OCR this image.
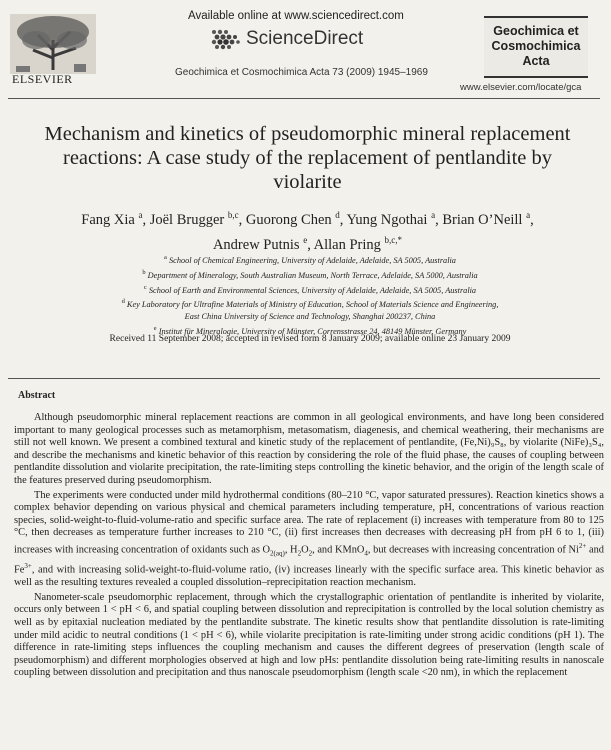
ELSEVIER
Available online at www.sciencedirect.com
ScienceDirect
Geochimica et Cosmochimica Acta 73 (2009) 1945–1969
Geochimica et
Cosmochimica
Acta
www.elsevier.com/locate/gca
Mechanism and kinetics of pseudomorphic mineral replacement reactions: A case study of the replacement of pentlandite by violarite
Fang Xia $^a$, Joël Brugger $^{b,c}$, Guorong Chen $^d$, Yung Ngothai $^a$, Brian O’Neill $^a$,
Andrew Putnis $^e$, Allan Pring $^{b,c,*}$
$^a$ School of Chemical Engineering, University of Adelaide, Adelaide, SA 5005, Australia
$^b$ Department of Mineralogy, South Australian Museum, North Terrace, Adelaide, SA 5000, Australia
$^c$ School of Earth and Environmental Sciences, University of Adelaide, Adelaide, SA 5005, Australia
$^d$ Key Laboratory for Ultrafine Materials of Ministry of Education, School of Materials Science and Engineering,
East China University of Science and Technology, Shanghai 200237, China
$^e$ Institut für Mineralogie, University of Münster, Corrensstrasse 24, 48149 Münster, Germany
Received 11 September 2008; accepted in revised form 8 January 2009; available online 23 January 2009
Abstract

Although pseudomorphic mineral replacement reactions are common in all geological environments, and have long been considered important to many geological processes such as metamorphism, metasomatism, diagenesis, and chemical weathering, their mechanisms are still not well known. We present a combined textural and kinetic study of the replacement of pentlandite, (Fe,Ni)₉S₈, by violarite (NiFe)₃S₄, and describe the mechanisms and kinetic behavior of this reaction by considering the role of the fluid phase, the causes of coupling between pentlandite dissolution and violarite precipitation, the rate-limiting steps controlling the kinetic behavior, and the origin of the length scale of the features preserved during pseudomorphism.

The experiments were conducted under mild hydrothermal conditions (80–210 °C, vapor saturated pressures). Reaction kinetics shows a complex behavior depending on various physical and chemical parameters including temperature, pH, concentrations of various reaction species, solid-weight-to-fluid-volume-ratio and specific surface area. The rate of replacement (i) increases with temperature from 80 to 125 °C, then decreases as temperature further increases to 210 °C, (ii) first increases then decreases with decreasing pH from pH 6 to 1, (iii) increases with increasing concentration of oxidants such as $O_{2(aq)}$, $H_2O_2$, and KMnO$_4$, but decreases with increasing concentration of $Ni^{2+}$ and $Fe^{3+}$, and with increasing solid-weight-to-fluid-volume ratio, (iv) increases linearly with the specific surface area. This kinetic behavior as well as the resulting textures revealed a coupled dissolution–reprecipitation reaction mechanism.

Nanometer-scale pseudomorphic replacement, through which the crystallographic orientation of pentlandite is inherited by violarite, occurs only between 1 < pH < 6, and spatial coupling between dissolution and reprecipitation is controlled by the local solution chemistry as well as by epitaxial nucleation mediated by the pentlandite substrate. The kinetic results show that pentlandite dissolution is rate-limiting under mild acidic to neutral conditions (1 < pH < 6), while violarite precipitation is rate-limiting under strong acidic conditions (pH 1). The difference in rate-limiting steps influences the coupling mechanism and causes the different degrees of preservation (length scale of pseudomorphism) and different morphologies observed at high and low pHs: pentlandite dissolution being rate-limiting results in nanoscale coupling between dissolution and precipitation and thus nanoscale pseudomorphism (length scale <20 nm), in which the replacement
